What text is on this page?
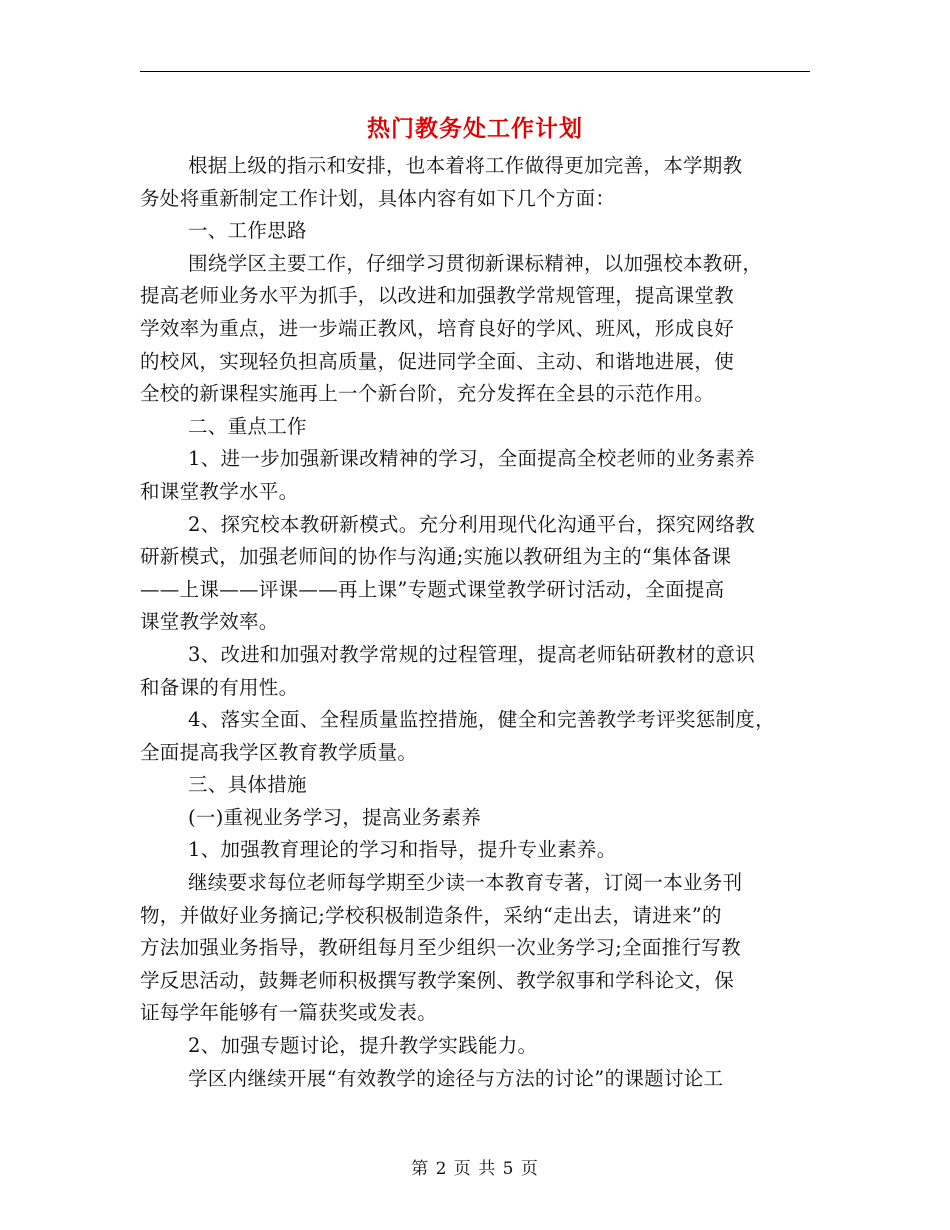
热门教务处工作计划
根据上级的指示和安排，也本着将工作做得更加完善，本学期教
务处将重新制定工作计划，具体内容有如下几个方面：
一、工作思路
围绕学区主要工作，仔细学习贯彻新课标精神，以加强校本教研，
提高老师业务水平为抓手，以改进和加强教学常规管理，提高课堂教
学效率为重点，进一步端正教风，培育良好的学风、班风，形成良好
的校风，实现轻负担高质量，促进同学全面、主动、和谐地进展，使
全校的新课程实施再上一个新台阶，充分发挥在全县的示范作用。
二、重点工作
1、进一步加强新课改精神的学习，全面提高全校老师的业务素养
和课堂教学水平。
2、探究校本教研新模式。充分利用现代化沟通平台，探究网络教
研新模式，加强老师间的协作与沟通;实施以教研组为主的“集体备课
——上课——评课——再上课”专题式课堂教学研讨活动，全面提高
课堂教学效率。
3、改进和加强对教学常规的过程管理，提高老师钻研教材的意识
和备课的有用性。
4、落实全面、全程质量监控措施，健全和完善教学考评奖惩制度，
全面提高我学区教育教学质量。
三、具体措施
(一)重视业务学习，提高业务素养
1、加强教育理论的学习和指导，提升专业素养。
继续要求每位老师每学期至少读一本教育专著，订阅一本业务刊
物，并做好业务摘记;学校积极制造条件，采纳“走出去，请进来”的
方法加强业务指导，教研组每月至少组织一次业务学习;全面推行写教
学反思活动，鼓舞老师积极撰写教学案例、教学叙事和学科论文，保
证每学年能够有一篇获奖或发表。
2、加强专题讨论，提升教学实践能力。
学区内继续开展“有效教学的途径与方法的讨论”的课题讨论工
第 2 页 共 5 页
